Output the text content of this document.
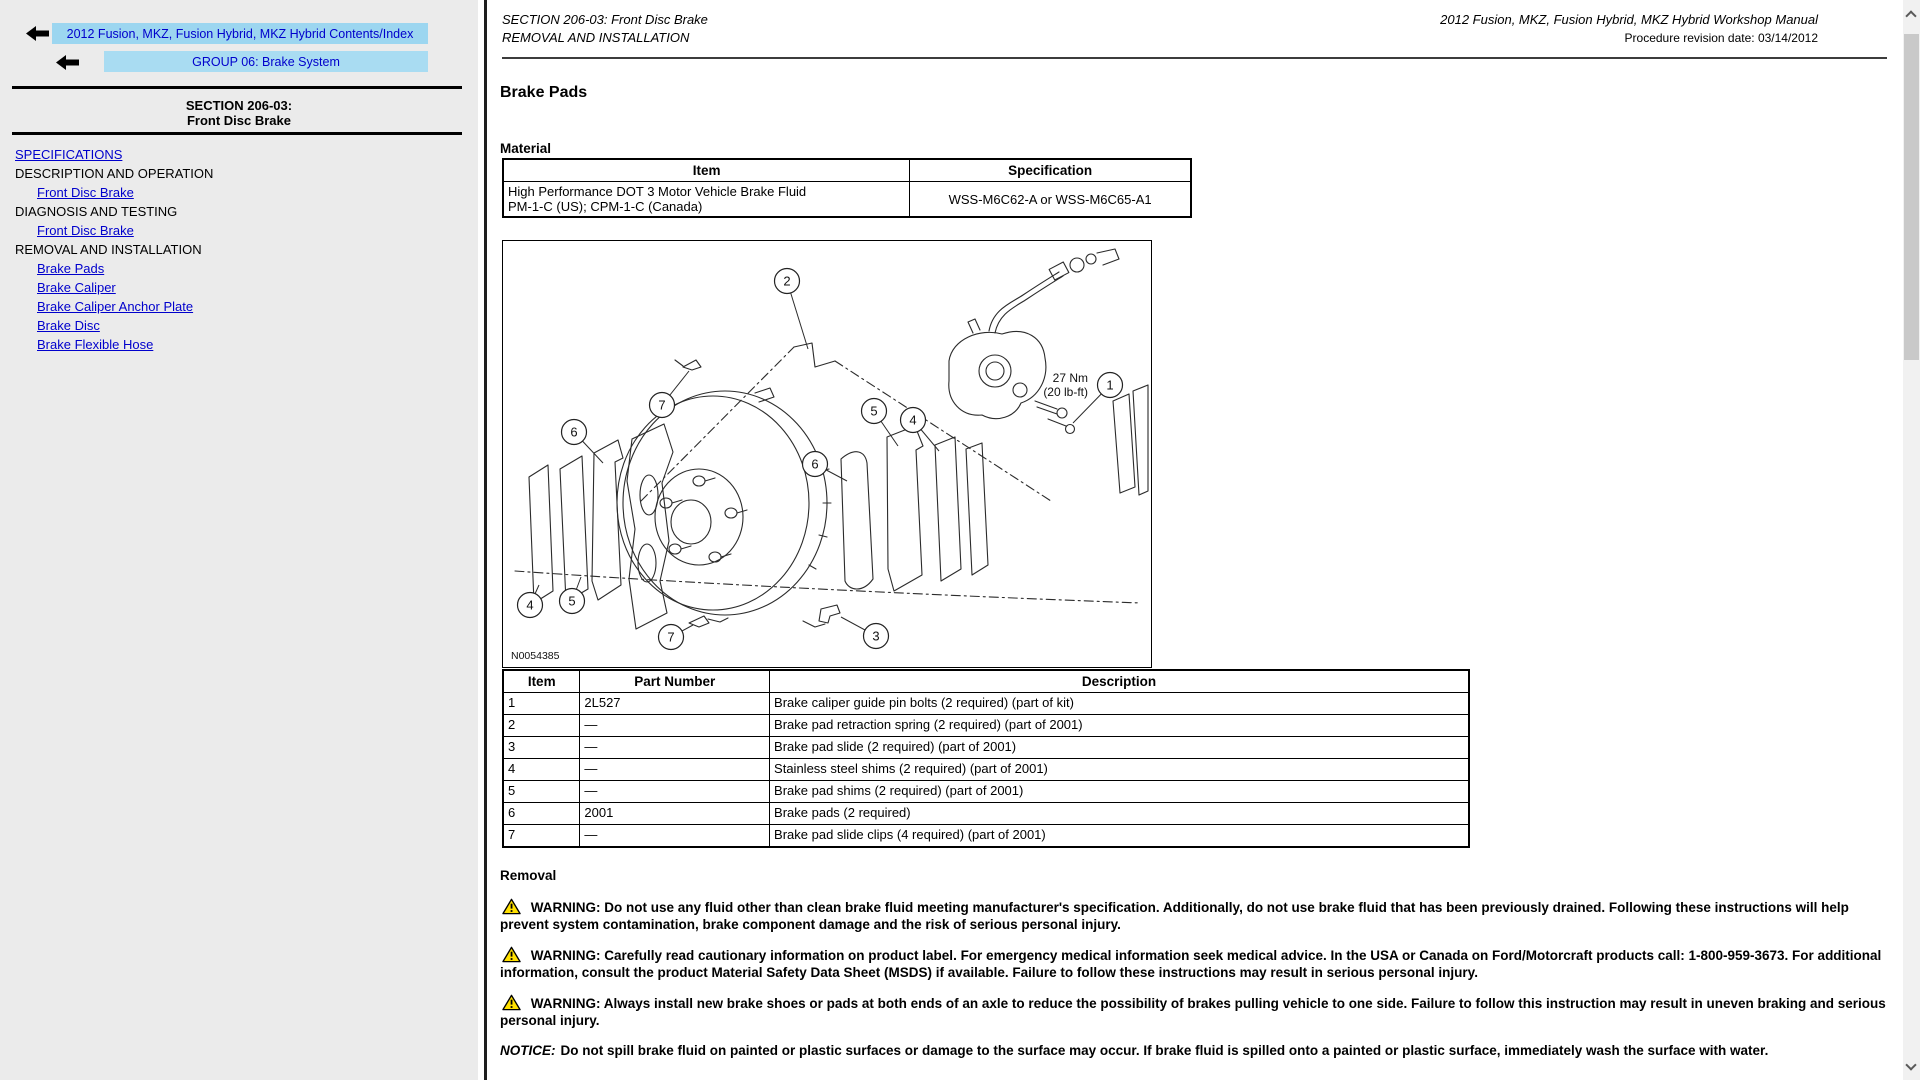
2012 Fusion, MKZ, Fusion Hybrid, MKZ Hybrid Contents/Index
GROUP 06: Brake System
SECTION 206-03:
Front Disc Brake
SPECIFICATIONS
DESCRIPTION AND OPERATION
Front Disc Brake
DIAGNOSIS AND TESTING
Front Disc Brake
REMOVAL AND INSTALLATION
Brake Pads
Brake Caliper
Brake Caliper Anchor Plate
Brake Disc
Brake Flexible Hose
SECTION 206-03: Front Disc Brake
REMOVAL AND INSTALLATION
2012 Fusion, MKZ, Fusion Hybrid, MKZ Hybrid Workshop Manual
Procedure revision date: 03/14/2012
Brake Pads
Material
Item	Specification
High Performance DOT 3 Motor Vehicle Brake Fluid
PM-1-C (US); CPM-1-C (Canada)	WSS-M6C62-A or WSS-M6C65-A1
2
7
6
5
4
6
1
4	5
7	3
27 Nm
(20 lb-ft)
N0054385
Item	Part Number	Description
1	2L527	Brake caliper guide pin bolts (2 required) (part of kit)
2	—	Brake pad retraction spring (2 required) (part of 2001)
3	—	Brake pad slide (2 required) (part of 2001)
4	—	Stainless steel shims (2 required) (part of 2001)
5	—	Brake pad shims (2 required) (part of 2001)
6	2001	Brake pads (2 required)
7	—	Brake pad slide clips (4 required) (part of 2001)
Removal

WARNING: Do not use any fluid other than clean brake fluid meeting manufacturer's specification. Additionally, do not use brake fluid that has been previously drained. Following these instructions will help prevent system contamination, brake component damage and the risk of serious personal injury.

WARNING: Carefully read cautionary information on product label. For emergency medical information seek medical advice. In the USA or Canada on Ford/Motorcraft products call: 1-800-959-3673. For additional information, consult the product Material Safety Data Sheet (MSDS) if available. Failure to follow these instructions may result in serious personal injury.

WARNING: Always install new brake shoes or pads at both ends of an axle to reduce the possibility of brakes pulling vehicle to one side. Failure to follow this instruction may result in uneven braking and serious personal injury.

NOTICE: Do not spill brake fluid on painted or plastic surfaces or damage to the surface may occur. If brake fluid is spilled onto a painted or plastic surface, immediately wash the surface with water.
